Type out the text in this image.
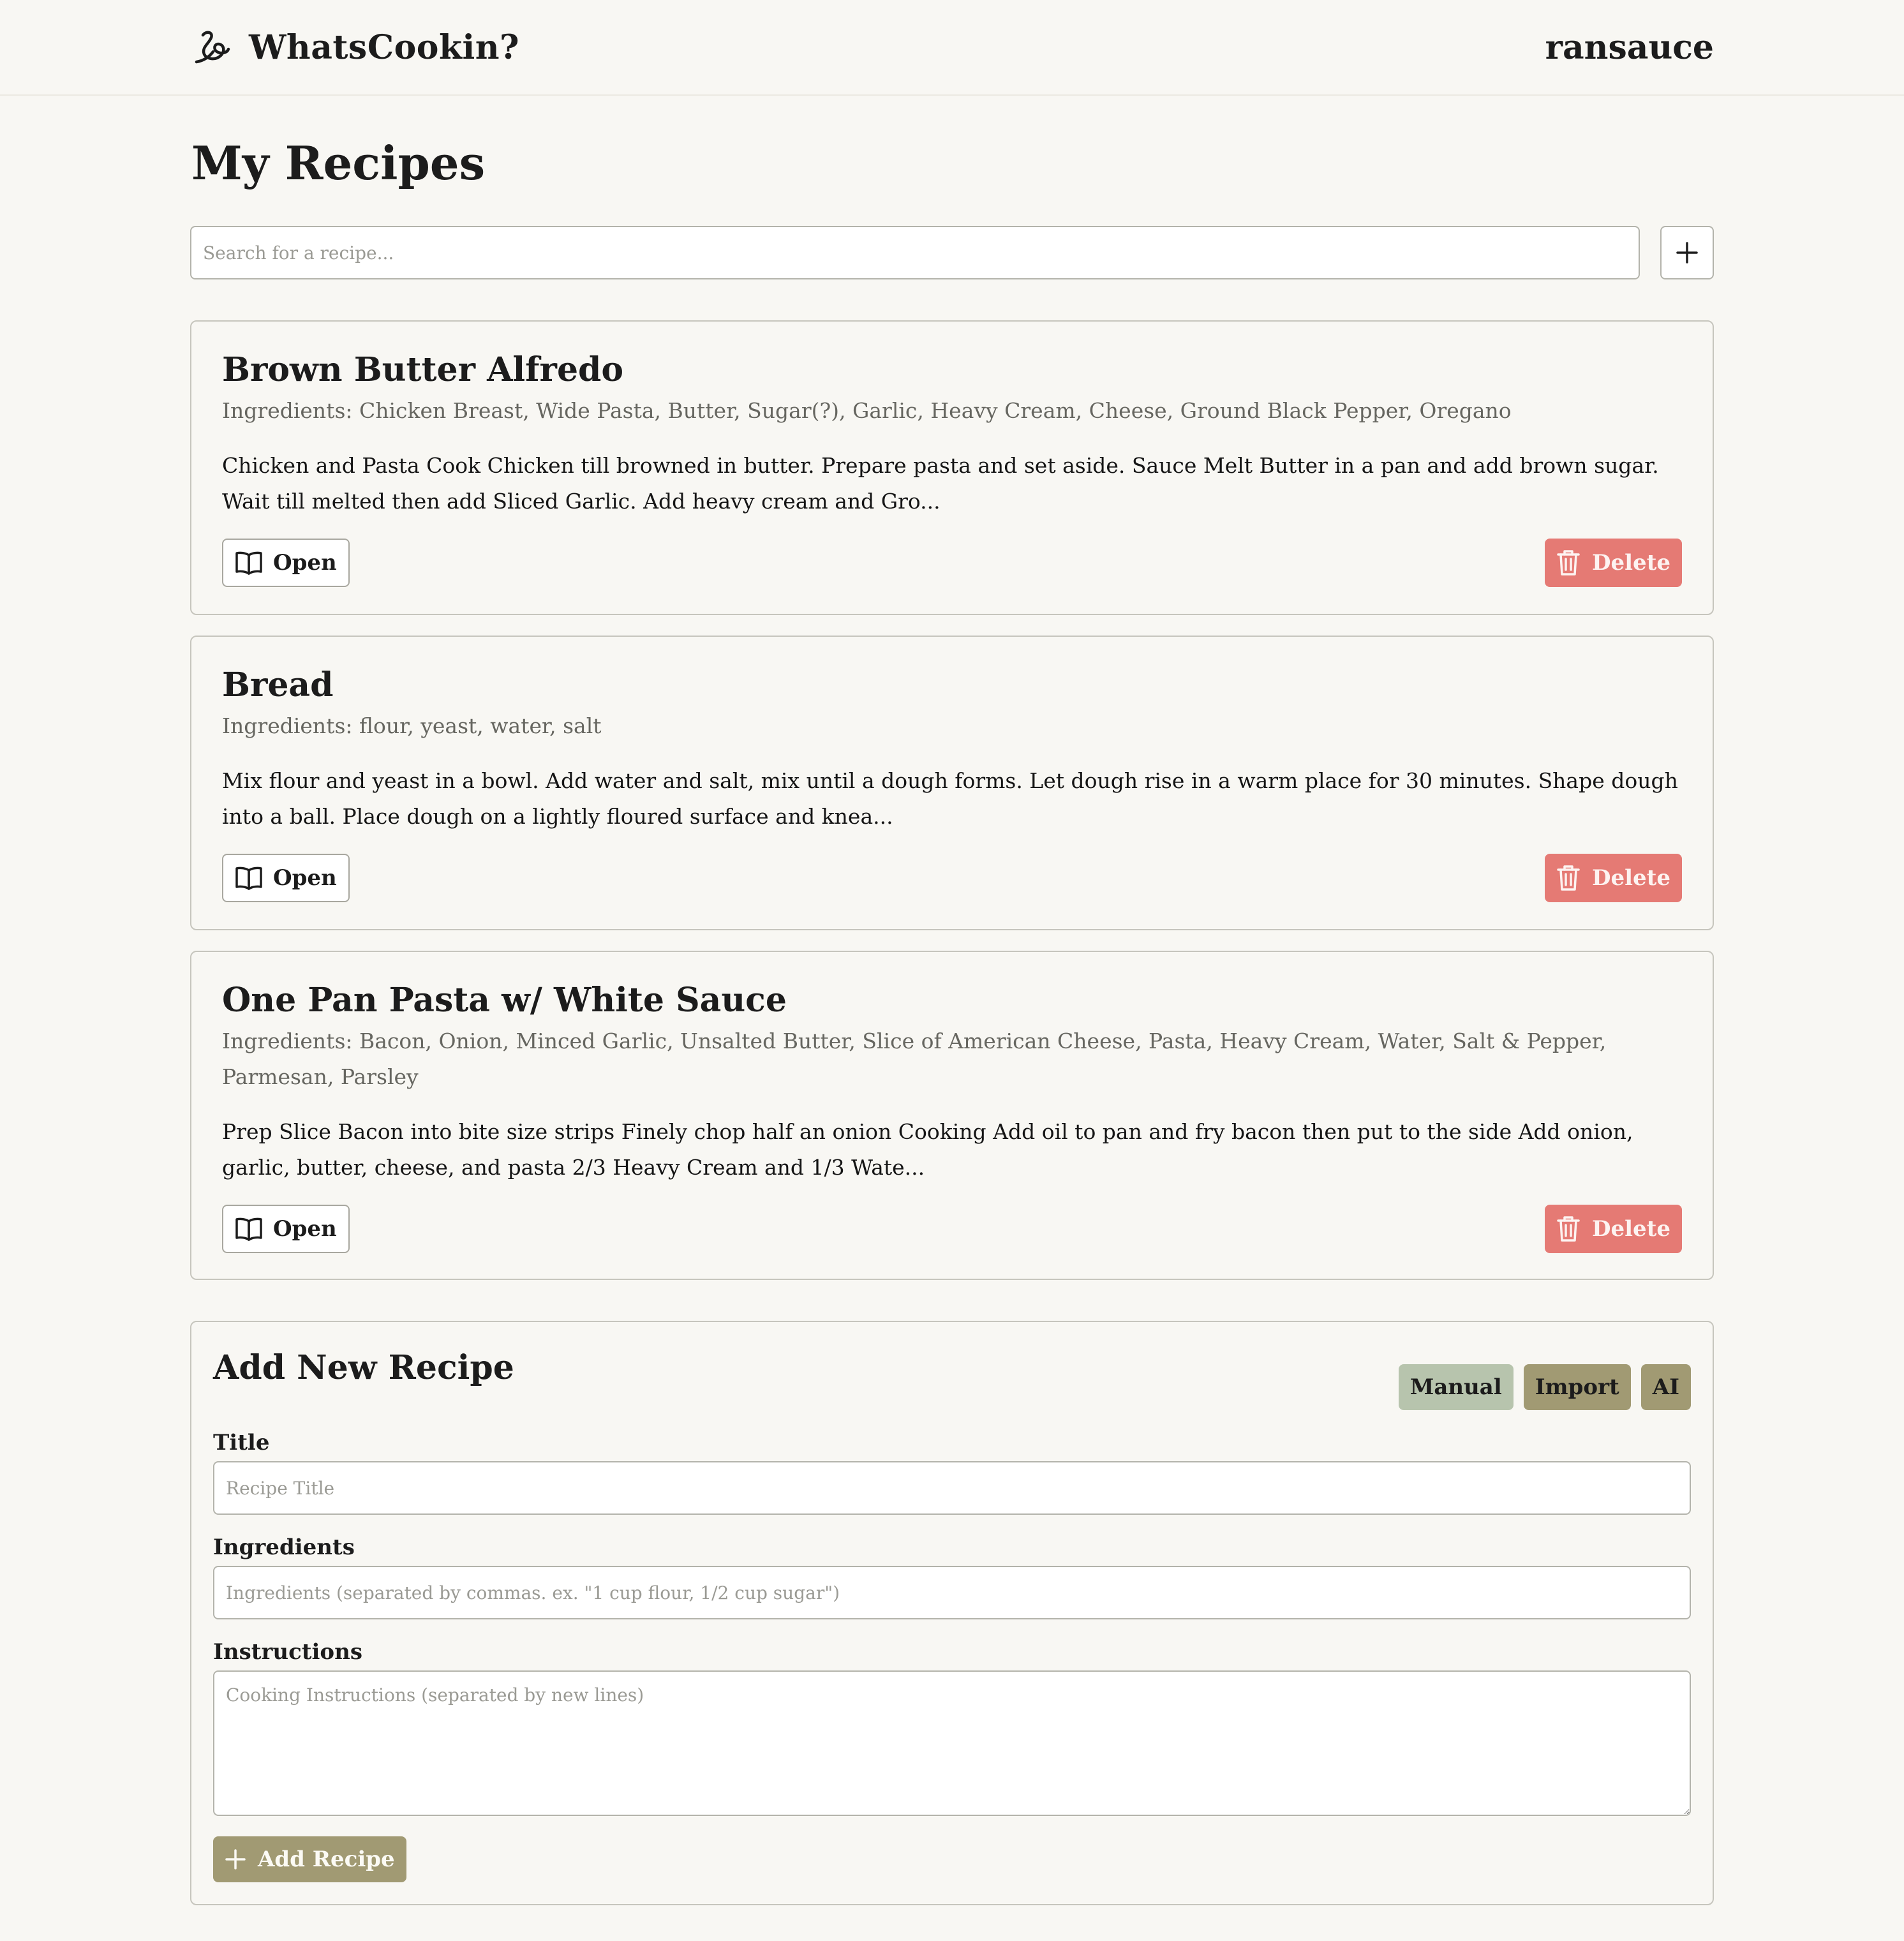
WhatsCookin?	ransauce
My Recipes
Search for a recipe...
Brown Butter Alfredo
Ingredients: Chicken Breast, Wide Pasta, Butter, Sugar(?), Garlic, Heavy Cream, Cheese, Ground Black Pepper, Oregano
Chicken and Pasta Cook Chicken till browned in butter. Prepare pasta and set aside. Sauce Melt Butter in a pan and add brown sugar. Wait till melted then add Sliced Garlic. Add heavy cream and Gro...
Open	Delete
Bread
Ingredients: flour, yeast, water, salt
Mix flour and yeast in a bowl. Add water and salt, mix until a dough forms. Let dough rise in a warm place for 30 minutes. Shape dough into a ball. Place dough on a lightly floured surface and knea...
Open	Delete
One Pan Pasta w/ White Sauce
Ingredients: Bacon, Onion, Minced Garlic, Unsalted Butter, Slice of American Cheese, Pasta, Heavy Cream, Water, Salt & Pepper, Parmesan, Parsley
Prep Slice Bacon into bite size strips Finely chop half an onion Cooking Add oil to pan and fry bacon then put to the side Add onion, garlic, butter, cheese, and pasta 2/3 Heavy Cream and 1/3 Wate...
Open	Delete
Add New Recipe	Manual	Import	AI
Title
Recipe Title
Ingredients
Ingredients (separated by commas. ex. "1 cup flour, 1/2 cup sugar")
Instructions
Cooking Instructions (separated by new lines)
Add Recipe
